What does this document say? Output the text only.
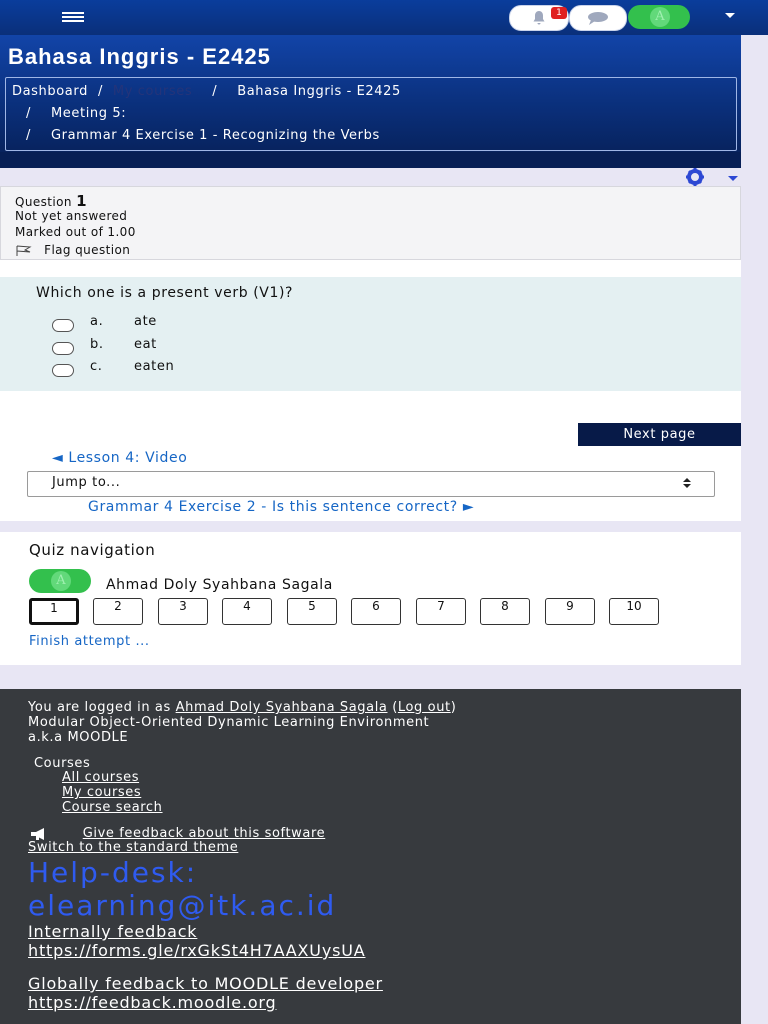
1	A
Bahasa Inggris - E2425
Dashboard / My courses / Bahasa Inggris - E2425
/ Meeting 5:
/ Grammar 4 Exercise 1 - Recognizing the Verbs
Question 1
Not yet answered
Marked out of 1.00
Flag question
Which one is a present verb (V1)?
a. ate
b. eat
c. eaten
Next page
◄ Lesson 4: Video
Jump to...
Grammar 4 Exercise 2 - Is this sentence correct? ►
Quiz navigation
A	Ahmad Doly Syahbana Sagala
1	2	3	4	5	6	7	8	9	10
Finish attempt ...
You are logged in as Ahmad Doly Syahbana Sagala (Log out)
Modular Object-Oriented Dynamic Learning Environment
a.k.a MOODLE
Courses
All courses
My courses
Course search
Give feedback about this software
Switch to the standard theme
Help-desk:
elearning@itk.ac.id
Internally feedback
https://forms.gle/rxGkSt4H7AAXUysUA
Globally feedback to MOODLE developer
https://feedback.moodle.org
